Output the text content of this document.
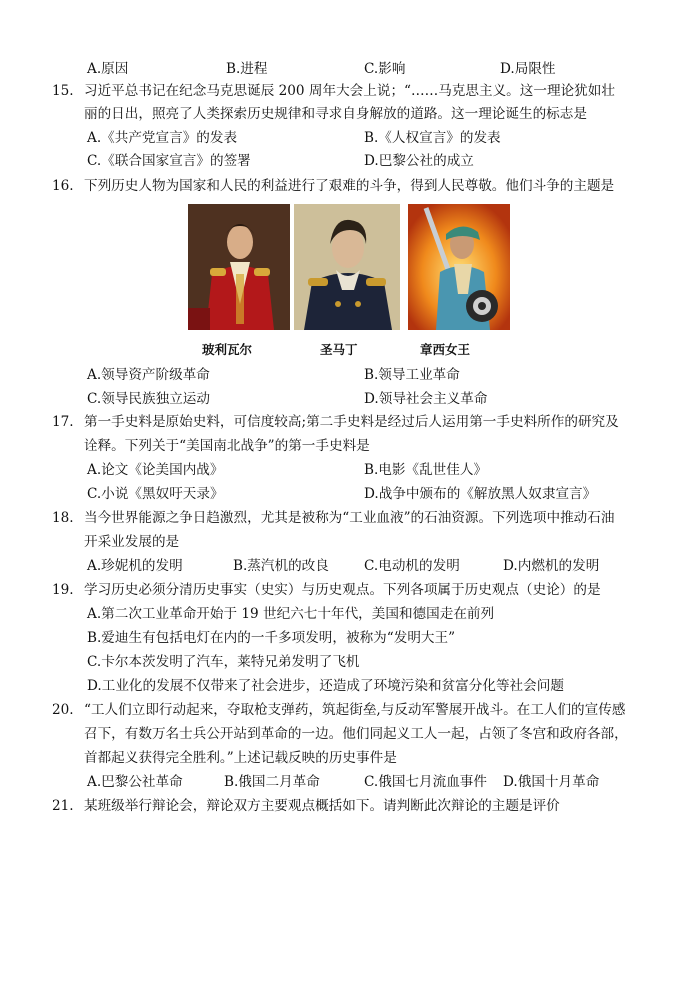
A.原因	B.进程	C.影响	D.局限性
15. 习近平总书记在纪念马克思诞辰 200 周年大会上说；“……马克思主义。这一理论犹如壮
丽的日出，照亮了人类探索历史规律和寻求自身解放的道路。这一理论诞生的标志是
A.《共产党宣言》的发表	B.《人权宣言》的发表
C.《联合国家宣言》的签署	D.巴黎公社的成立
16. 下列历史人物为国家和人民的利益进行了艰难的斗争，得到人民尊敬。他们斗争的主题是
玻利瓦尔	圣马丁	章西女王
A.领导资产阶级革命	B.领导工业革命
C.领导民族独立运动	D.领导社会主义革命
17. 第一手史料是原始史料，可信度较高;第二手史料是经过后人运用第一手史料所作的研究及
诠释。下列关于“美国南北战争”的第一手史料是
A.论文《论美国内战》	B.电影《乱世佳人》
C.小说《黑奴吁天录》	D.战争中颁布的《解放黑人奴隶宣言》
18. 当今世界能源之争日趋激烈，尤其是被称为“工业血液”的石油资源。下列选项中推动石油
开采业发展的是
A.珍妮机的发明	B.蒸汽机的改良	C.电动机的发明	D.内燃机的发明
19. 学习历史必须分清历史事实（史实）与历史观点。下列各项属于历史观点（史论）的是
A.第二次工业革命开始于 19 世纪六七十年代，美国和德国走在前列
B.爱迪生有包括电灯在内的一千多项发明，被称为“发明大王”
C.卡尔本茨发明了汽车，莱特兄弟发明了飞机
D.工业化的发展不仅带来了社会进步，还造成了环境污染和贫富分化等社会问题
20. “工人们立即行动起来，夺取枪支弹药，筑起街垒,与反动军警展开战斗。在工人们的宣传感
召下，有数万名士兵公开站到革命的一边。他们同起义工人一起，占领了冬宫和政府各部，
首都起义获得完全胜利。”上述记载反映的历史事件是
A.巴黎公社革命	B.俄国二月革命	C.俄国七月流血事件 D.俄国十月革命
21. 某班级举行辩论会，辩论双方主要观点概括如下。请判断此次辩论的主题是评价
